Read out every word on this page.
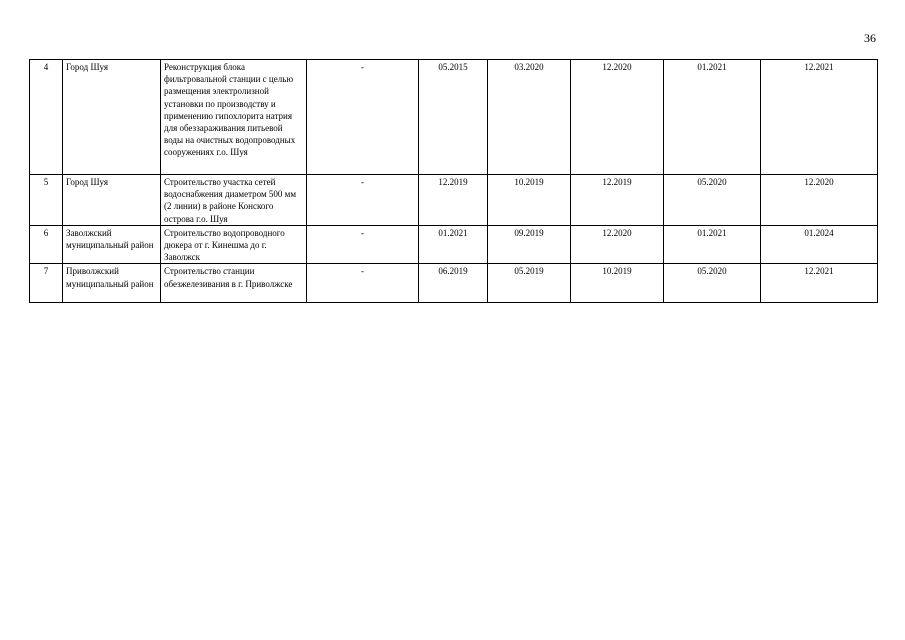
36
4	Город Шуя	Реконструкция блока фильтровальной станции с целью размещения электролизной установки по производству и применению гипохлорита натрия для обеззараживания питьевой воды на очистных водопроводных сооружениях г.о. Шуя	-	05.2015	03.2020	12.2020	01.2021	12.2021
5	Город Шуя	Строительство участка сетей водоснабжения диаметром 500 мм (2 линии) в районе Конского острова г.о. Шуя	-	12.2019	10.2019	12.2019	05.2020	12.2020
6	Заволжский муниципальный район	Строительство водопроводного дюкера от г. Кинешма до г. Заволжск	-	01.2021	09.2019	12.2020	01.2021	01.2024
7	Приволжский муниципальный район	Строительство станции обезжелезивания в г. Приволжске	-	06.2019	05.2019	10.2019	05.2020	12.2021
